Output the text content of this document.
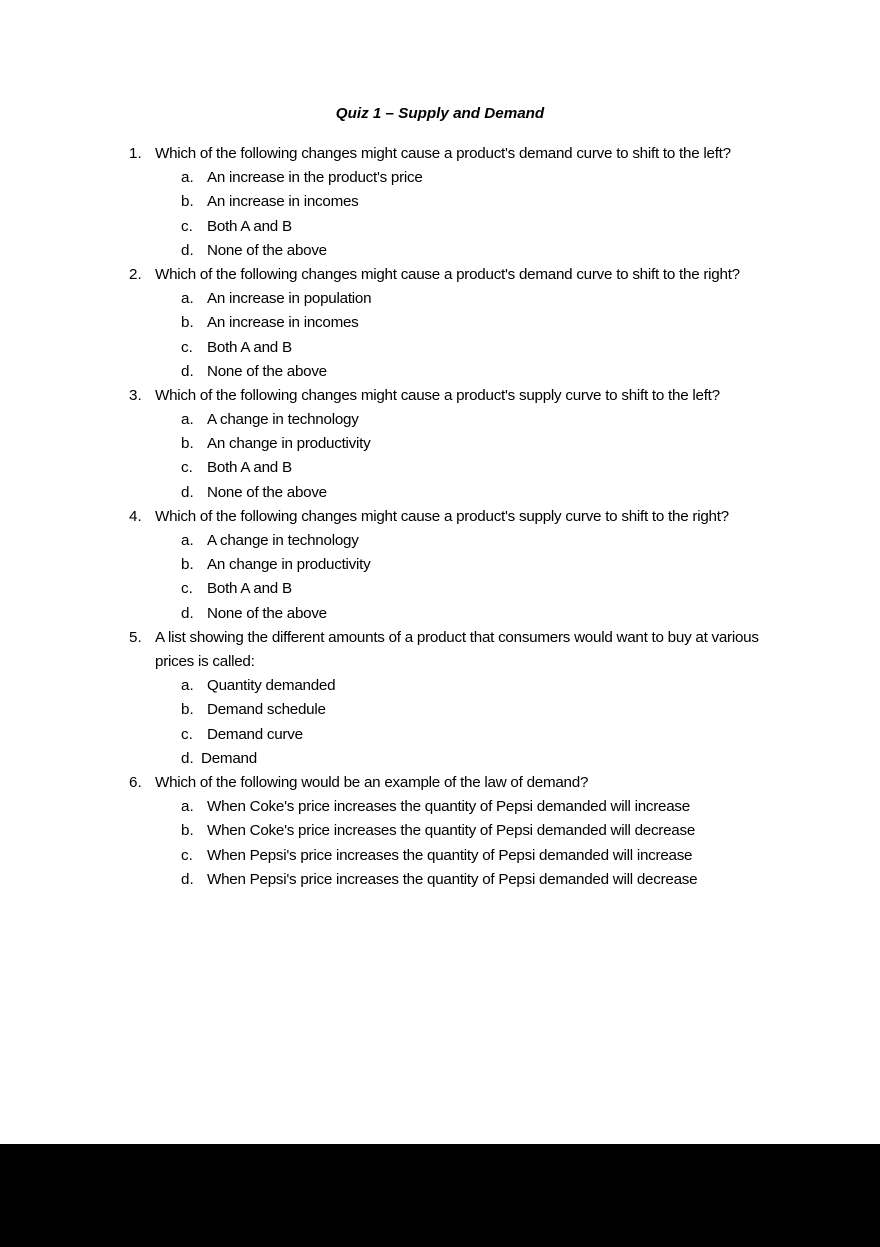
Quiz 1 – Supply and Demand
1. Which of the following changes might cause a product's demand curve to shift to the left?
a. An increase in the product's price
b. An increase in incomes
c. Both A and B
d. None of the above
2. Which of the following changes might cause a product's demand curve to shift to the right?
a. An increase in population
b. An increase in incomes
c. Both A and B
d. None of the above
3. Which of the following changes might cause a product's supply curve to shift to the left?
a. A change in technology
b. An change in productivity
c. Both A and B
d. None of the above
4. Which of the following changes might cause a product's supply curve to shift to the right?
a. A change in technology
b. An change in productivity
c. Both A and B
d. None of the above
5. A list showing the different amounts of a product that consumers would want to buy at various prices is called:
a. Quantity demanded
b. Demand schedule
c. Demand curve
d. Demand
6. Which of the following would be an example of the law of demand?
a. When Coke's price increases the quantity of Pepsi demanded will increase
b. When Coke's price increases the quantity of Pepsi demanded will decrease
c. When Pepsi's price increases the quantity of Pepsi demanded will increase
d. When Pepsi's price increases the quantity of Pepsi demanded will decrease
